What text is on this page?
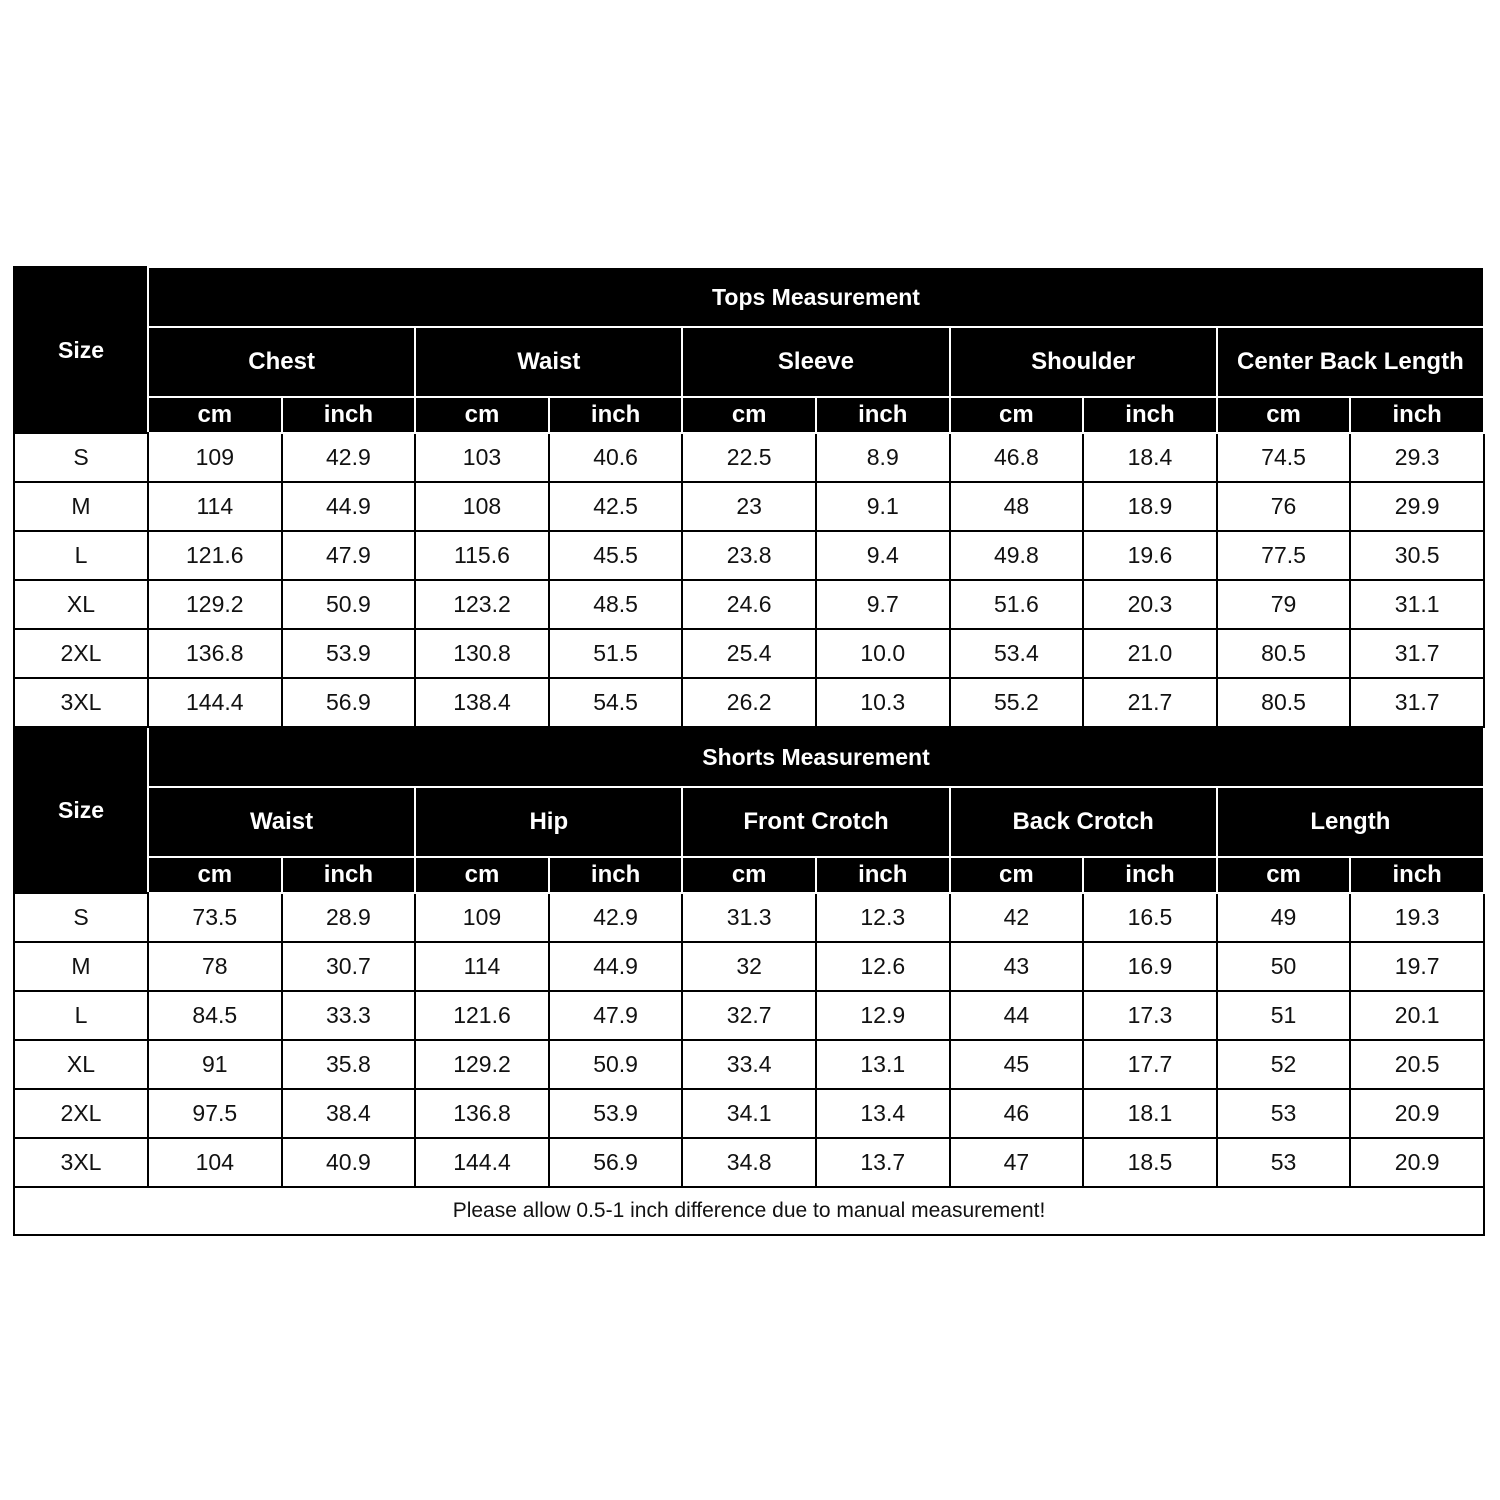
Size	Tops Measurement									
	Chest		Waist		Sleeve		Shoulder		Center Back Length	
	cm	inch	cm	inch	cm	inch	cm	inch	cm	inch
S	109	42.9	103	40.6	22.5	8.9	46.8	18.4	74.5	29.3
M	114	44.9	108	42.5	23	9.1	48	18.9	76	29.9
L	121.6	47.9	115.6	45.5	23.8	9.4	49.8	19.6	77.5	30.5
XL	129.2	50.9	123.2	48.5	24.6	9.7	51.6	20.3	79	31.1
2XL	136.8	53.9	130.8	51.5	25.4	10.0	53.4	21.0	80.5	31.7
3XL	144.4	56.9	138.4	54.5	26.2	10.3	55.2	21.7	80.5	31.7
Size	Shorts Measurement									
	Waist		Hip		Front Crotch		Back Crotch		Length	
	cm	inch	cm	inch	cm	inch	cm	inch	cm	inch
S	73.5	28.9	109	42.9	31.3	12.3	42	16.5	49	19.3
M	78	30.7	114	44.9	32	12.6	43	16.9	50	19.7
L	84.5	33.3	121.6	47.9	32.7	12.9	44	17.3	51	20.1
XL	91	35.8	129.2	50.9	33.4	13.1	45	17.7	52	20.5
2XL	97.5	38.4	136.8	53.9	34.1	13.4	46	18.1	53	20.9
3XL	104	40.9	144.4	56.9	34.8	13.7	47	18.5	53	20.9
Please allow 0.5-1 inch difference due to manual measurement!										
